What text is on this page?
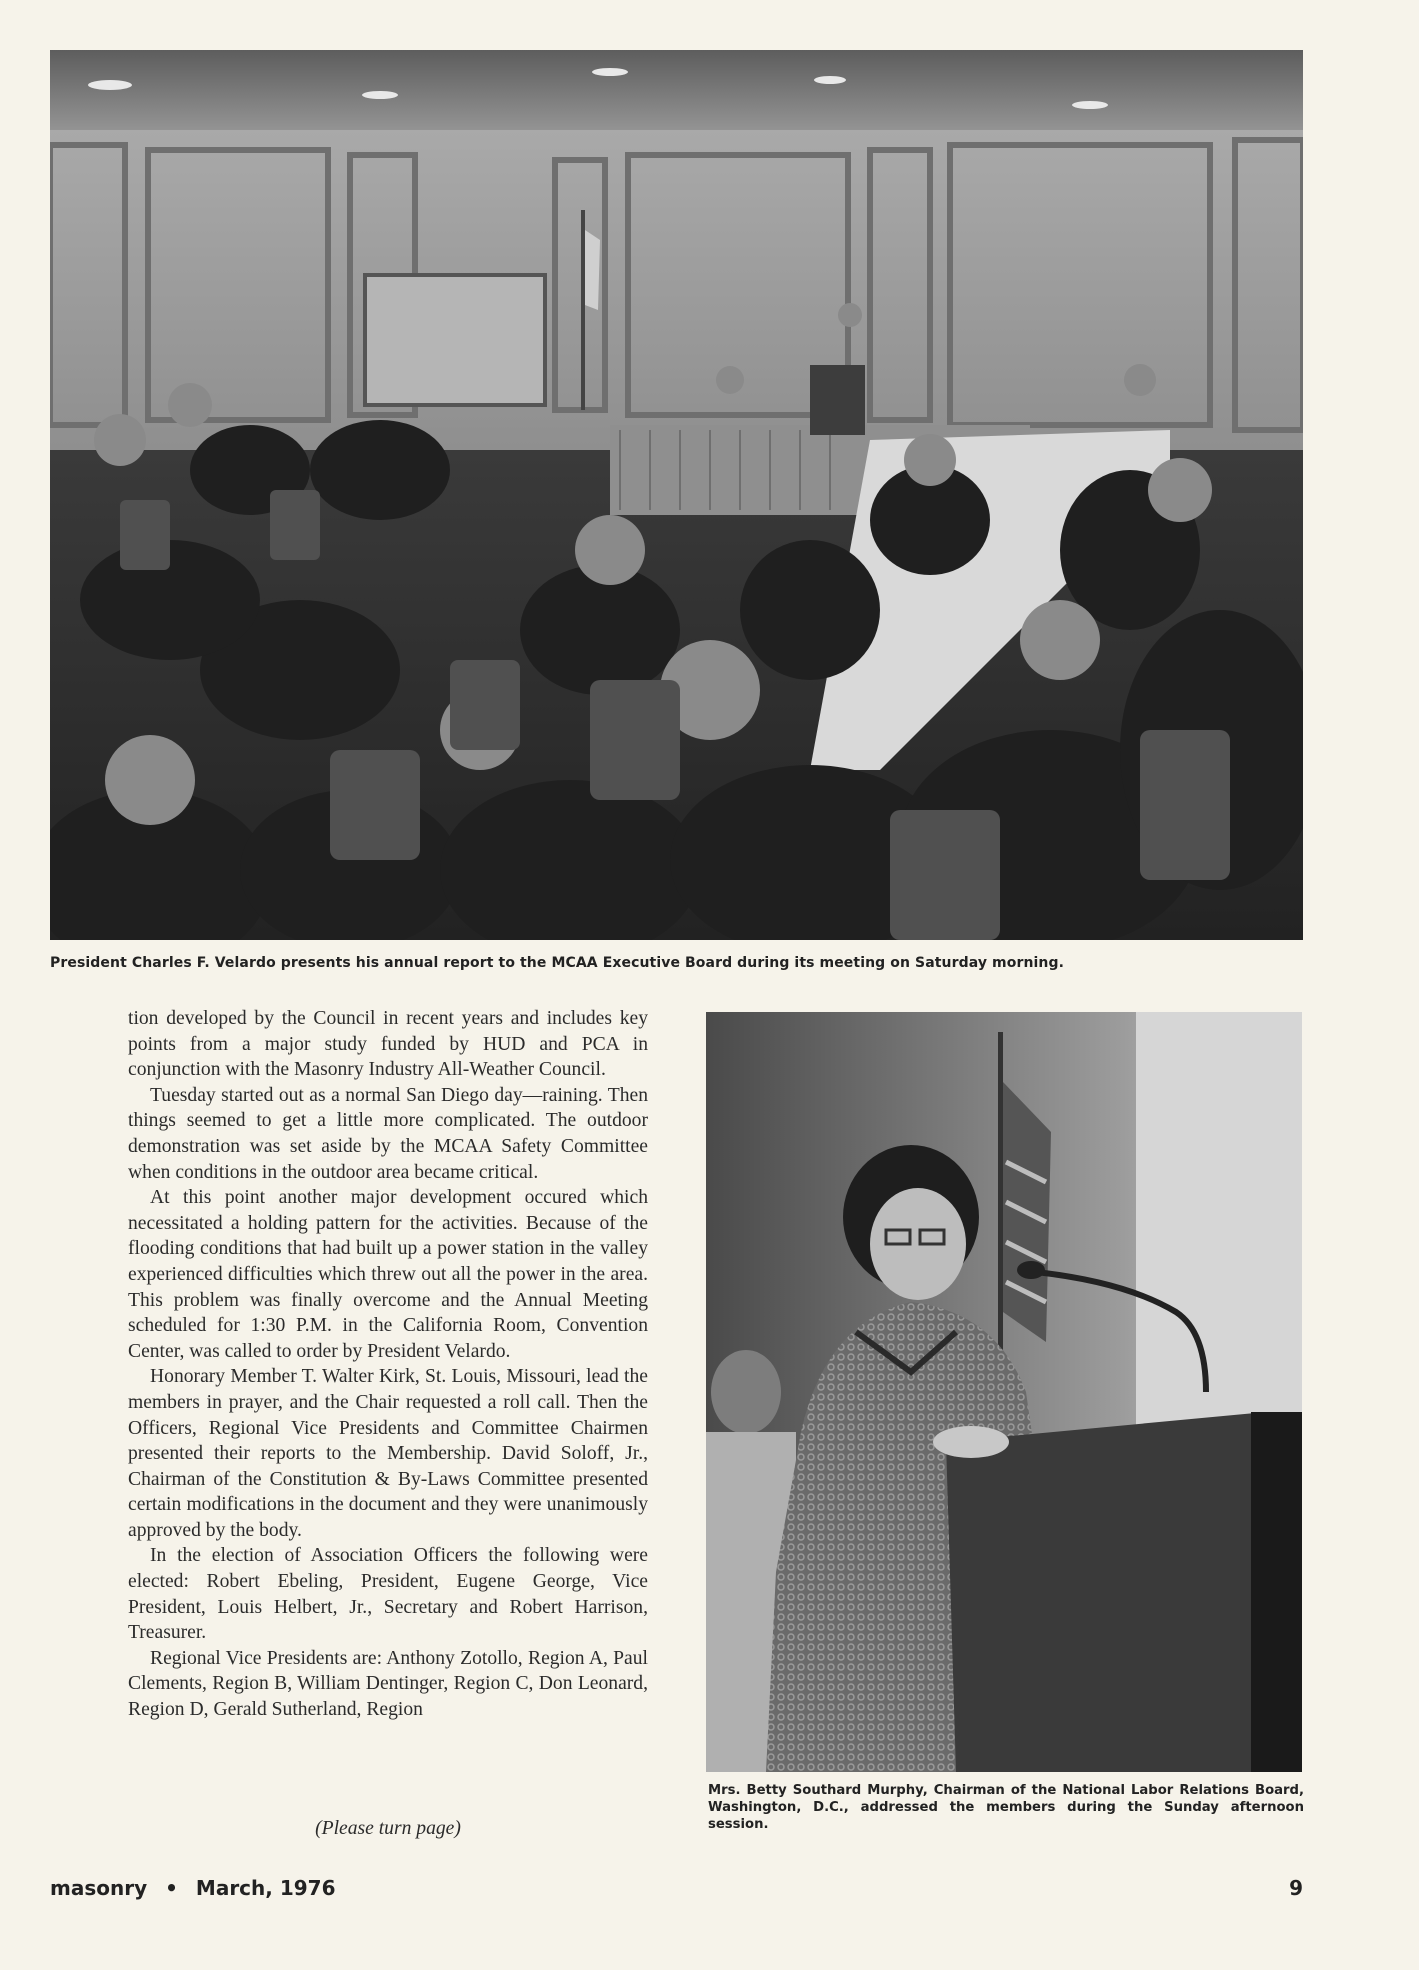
President Charles F. Velardo presents his annual report to the MCAA Executive Board during its meeting on Saturday morning.

tion developed by the Council in recent years and includes key points from a major study funded by HUD and PCA in conjunction with the Masonry Industry All-Weather Council.

Tuesday started out as a normal San Diego day—raining. Then things seemed to get a little more complicated. The outdoor demonstration was set aside by the MCAA Safety Committee when conditions in the outdoor area became critical.

At this point another major development occured which necessitated a holding pattern for the activities. Because of the flooding conditions that had built up a power station in the valley experienced difficulties which threw out all the power in the area. This problem was finally overcome and the Annual Meeting scheduled for 1:30 P.M. in the California Room, Convention Center, was called to order by President Velardo.

Honorary Member T. Walter Kirk, St. Louis, Missouri, lead the members in prayer, and the Chair requested a roll call. Then the Officers, Regional Vice Presidents and Committee Chairmen presented their reports to the Membership. David Soloff, Jr., Chairman of the Constitution & By-Laws Committee presented certain modifications in the document and they were unanimously approved by the body.

In the election of Association Officers the following were elected: Robert Ebeling, President, Eugene George, Vice President, Louis Helbert, Jr., Secretary and Robert Harrison, Treasurer.

Regional Vice Presidents are: Anthony Zotollo, Region A, Paul Clements, Region B, William Dentinger, Region C, Don Leonard, Region D, Gerald Sutherland, Region

(Please turn page)
Mrs. Betty Southard Murphy, Chairman of the National Labor Relations Board, Washington, D.C., addressed the members during the Sunday afternoon session.
masonry • March, 1976	9
